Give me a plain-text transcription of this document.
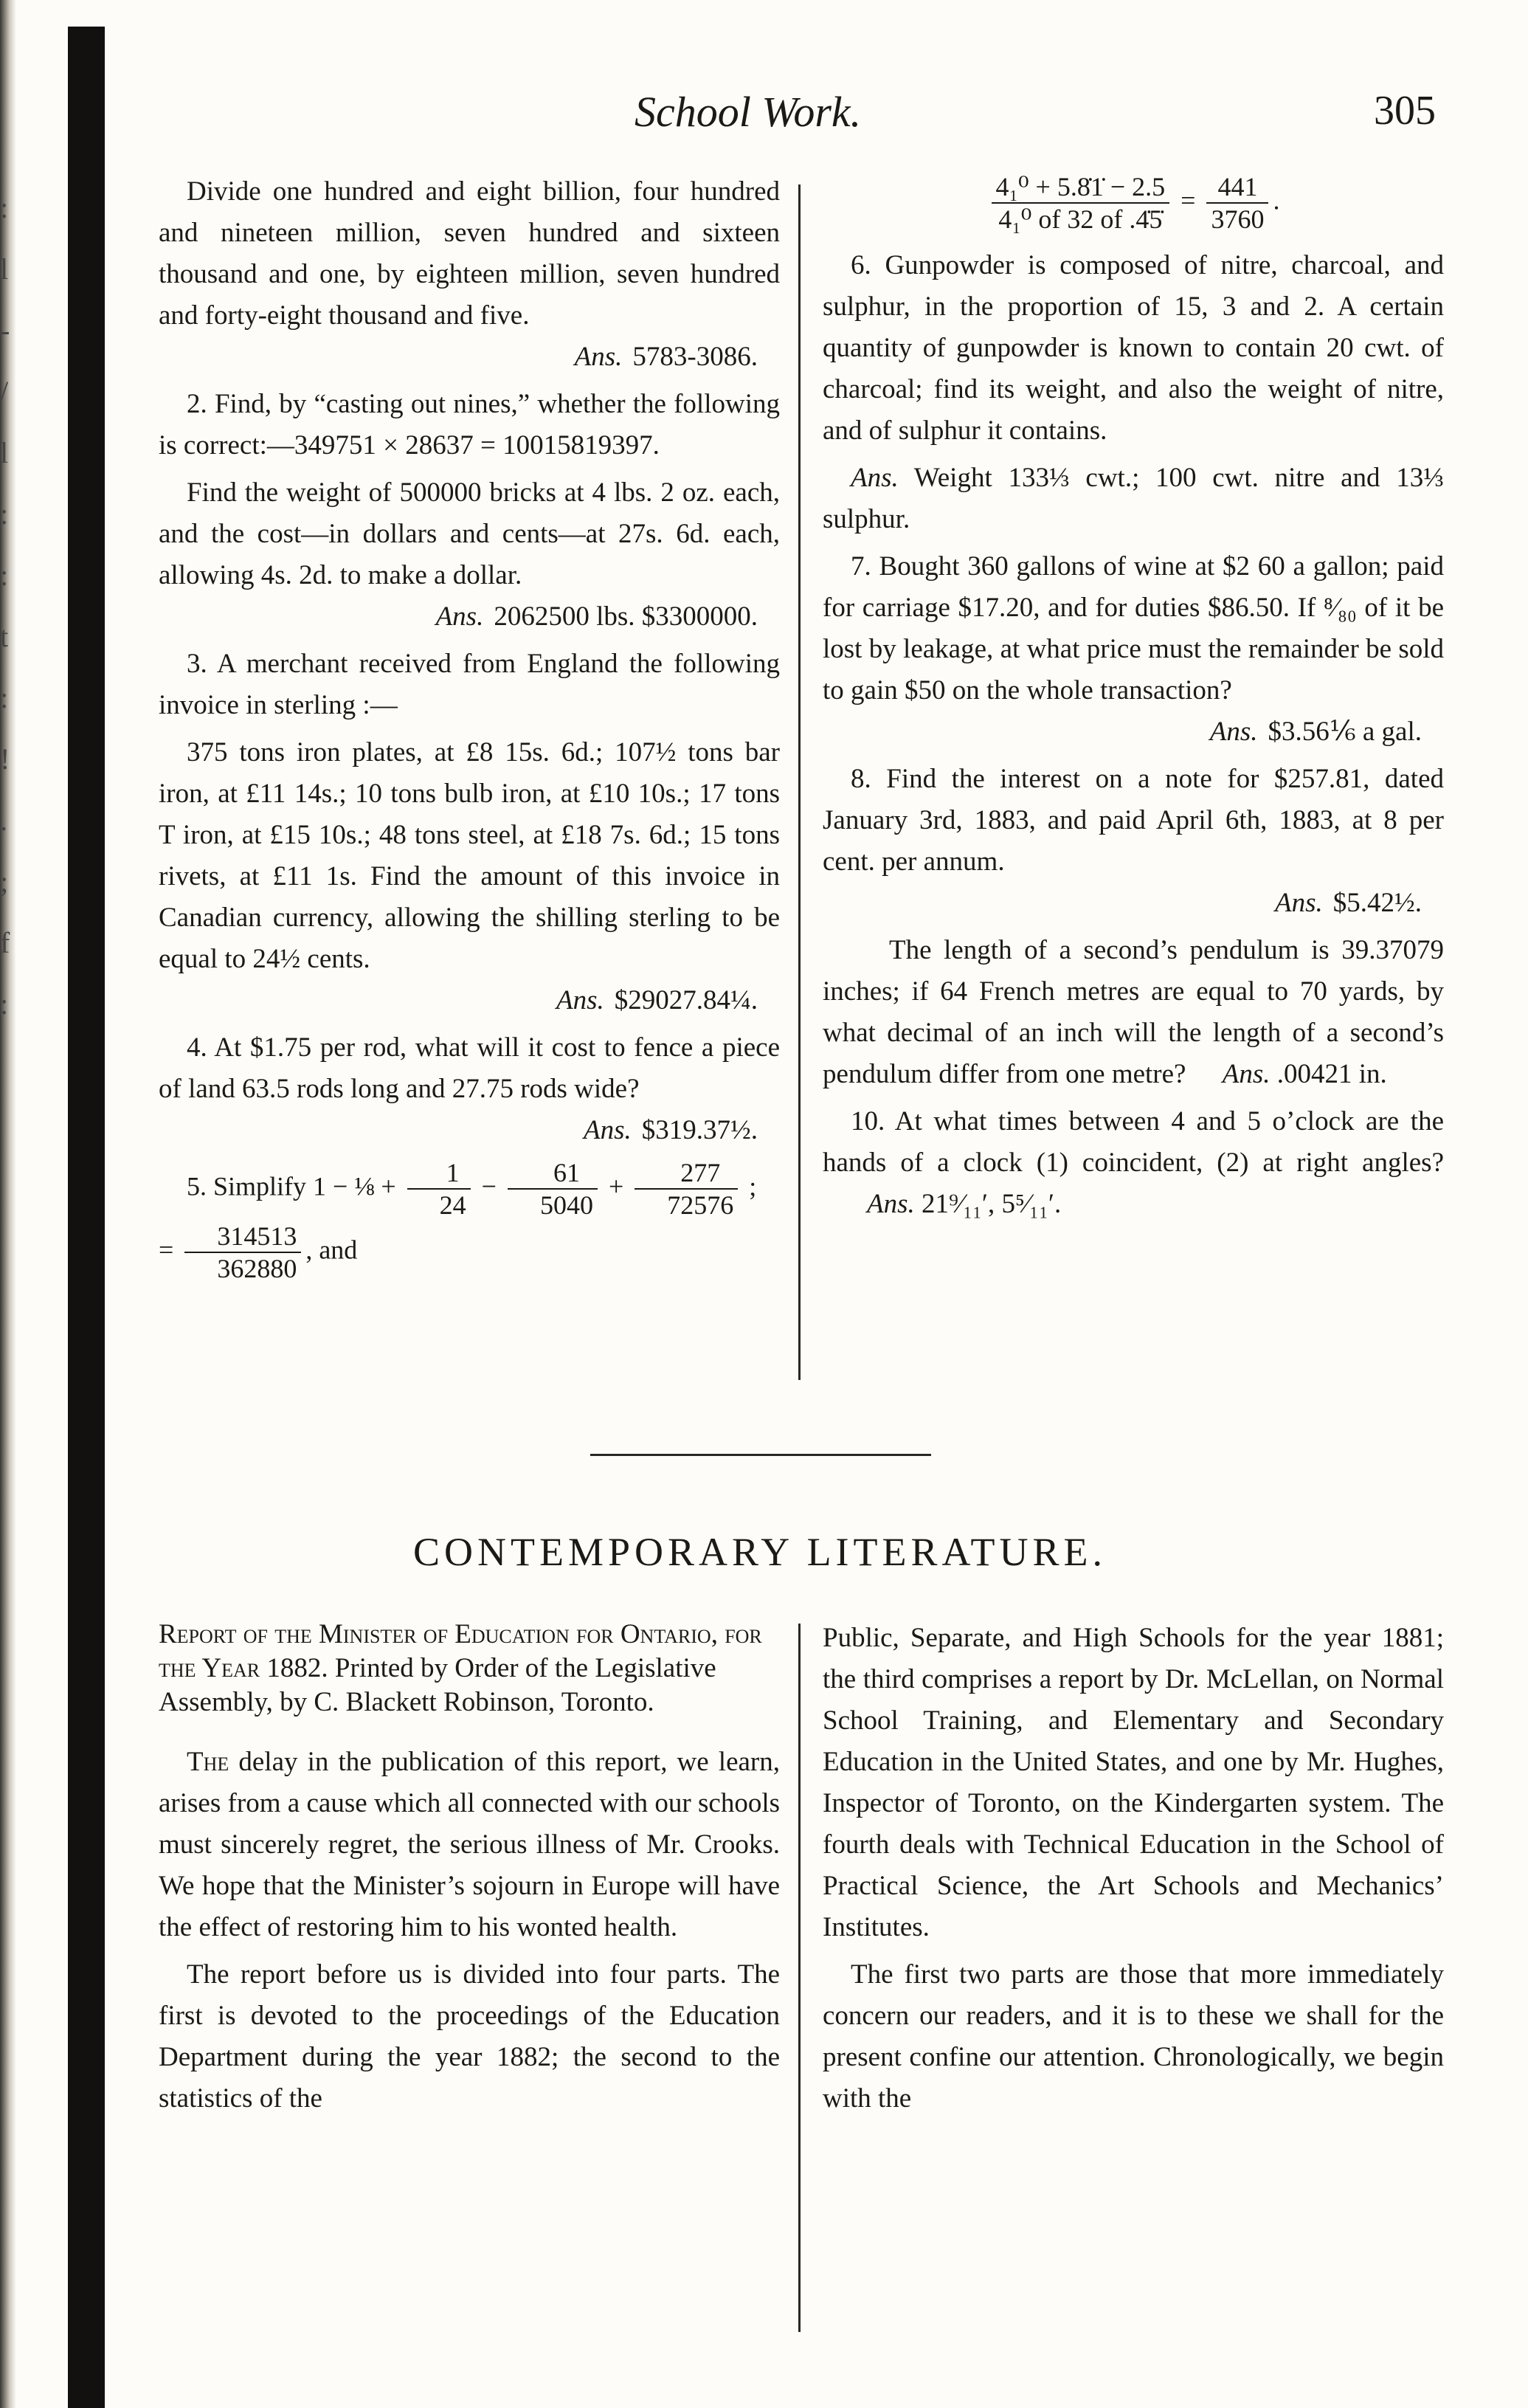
:
l
-
/
l
:
:
t
:
!
.
;
f
:
School Work.	305

Divide one hundred and eight billion, four hundred and nineteen million, seven hundred and sixteen thousand and one, by eighteen million, seven hundred and forty-eight thousand and five.
Ans. 5783-3086.

2. Find, by “casting out nines,” whether the following is correct:—349751 × 28637 = 10015819397.

Find the weight of 500000 bricks at 4 lbs. 2 oz. each, and the cost—in dollars and cents—at 27s. 6d. each, allowing 4s. 2d. to make a dollar.
Ans. 2062500 lbs. $3300000.

3. A merchant received from England the following invoice in sterling :—

375 tons iron plates, at £8 15s. 6d.; 107½ tons bar iron, at £11 14s.; 10 tons bulb iron, at £10 10s.; 17 tons T iron, at £15 10s.; 48 tons steel, at £18 7s. 6d.; 15 tons rivets, at £11 1s. Find the amount of this invoice in Canadian currency, allowing the shilling sterling to be equal to 24½ cents.
Ans. $29027.84¼.

4. At $1.75 per rod, what will it cost to fence a piece of land 63.5 rods long and 27.75 rods wide?
Ans. $319.37½.

5. Simplify 1 − ⅛ + $\frac{1}{24} - \frac{61}{5040} + \frac{277}{72576}$ ;
= $\frac{314513}{362880}$ , and

$\frac{\text{4₁⁰ + 5.8̇1̇ − 2.5}}{\text{4₁⁰ of 32 of .4̇5̇}} = \frac{441}{3760}$ .

6. Gunpowder is composed of nitre, charcoal, and sulphur, in the proportion of 15, 3 and 2. A certain quantity of gunpowder is known to contain 20 cwt. of charcoal; find its weight, and also the weight of nitre, and of sulphur it contains.

Ans. Weight 133⅓ cwt.; 100 cwt. nitre and 13⅓ sulphur.

7. Bought 360 gallons of wine at $2 60 a gallon; paid for carriage $17.20, and for duties $86.50. If ⁸⁄₈₀ of it be lost by leakage, at what price must the remainder be sold to gain $50 on the whole transaction?
Ans. $3.56⅙ a gal.

8. Find the interest on a note for $257.81, dated January 3rd, 1883, and paid April 6th, 1883, at 8 per cent. per annum.
Ans. $5.42½.

The length of a second’s pendulum is 39.37079 inches; if 64 French metres are equal to 70 yards, by what decimal of an inch will the length of a second’s pendulum differ from one metre? Ans. .00421 in.

10. At what times between 4 and 5 o’clock are the hands of a clock (1) coincident, (2) at right angles? Ans. 21⁹⁄₁₁′, 5⁵⁄₁₁′.

CONTEMPORARY LITERATURE.

Report of the Minister of Education for Ontario, for the Year 1882. Printed by Order of the Legislative Assembly, by C. Blackett Robinson, Toronto.

The delay in the publication of this report, we learn, arises from a cause which all connected with our schools must sincerely regret, the serious illness of Mr. Crooks. We hope that the Minister’s sojourn in Europe will have the effect of restoring him to his wonted health.

The report before us is divided into four parts. The first is devoted to the proceedings of the Education Department during the year 1882; the second to the statistics of the

Public, Separate, and High Schools for the year 1881; the third comprises a report by Dr. McLellan, on Normal School Training, and Elementary and Secondary Education in the United States, and one by Mr. Hughes, Inspector of Toronto, on the Kindergarten system. The fourth deals with Technical Education in the School of Practical Science, the Art Schools and Mechanics’ Institutes.

The first two parts are those that more immediately concern our readers, and it is to these we shall for the present confine our attention. Chronologically, we begin with the
